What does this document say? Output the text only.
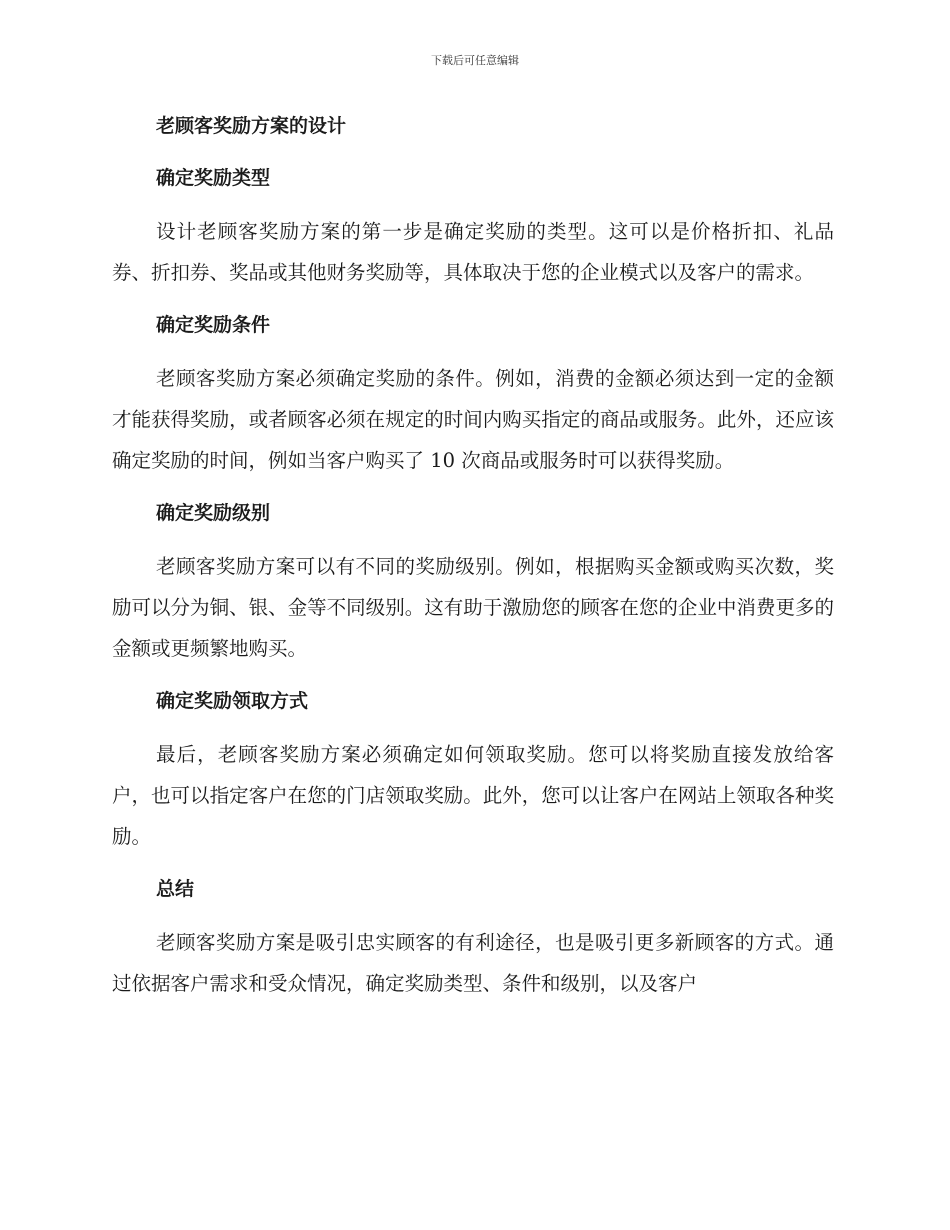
下载后可任意编辑
老顾客奖励方案的设计
确定奖励类型

设计老顾客奖励方案的第一步是确定奖励的类型。这可以是价格折扣、礼品券、折扣券、奖品或其他财务奖励等，具体取决于您的企业模式以及客户的需求。

确定奖励条件

老顾客奖励方案必须确定奖励的条件。例如，消费的金额必须达到一定的金额才能获得奖励，或者顾客必须在规定的时间内购买指定的商品或服务。此外，还应该确定奖励的时间，例如当客户购买了 10 次商品或服务时可以获得奖励。

确定奖励级别

老顾客奖励方案可以有不同的奖励级别。例如，根据购买金额或购买次数，奖励可以分为铜、银、金等不同级别。这有助于激励您的顾客在您的企业中消费更多的金额或更频繁地购买。

确定奖励领取方式

最后，老顾客奖励方案必须确定如何领取奖励。您可以将奖励直接发放给客户，也可以指定客户在您的门店领取奖励。此外，您可以让客户在网站上领取各种奖励。

总结

老顾客奖励方案是吸引忠实顾客的有利途径，也是吸引更多新顾客的方式。通过依据客户需求和受众情况，确定奖励类型、条件和级别，以及客户
